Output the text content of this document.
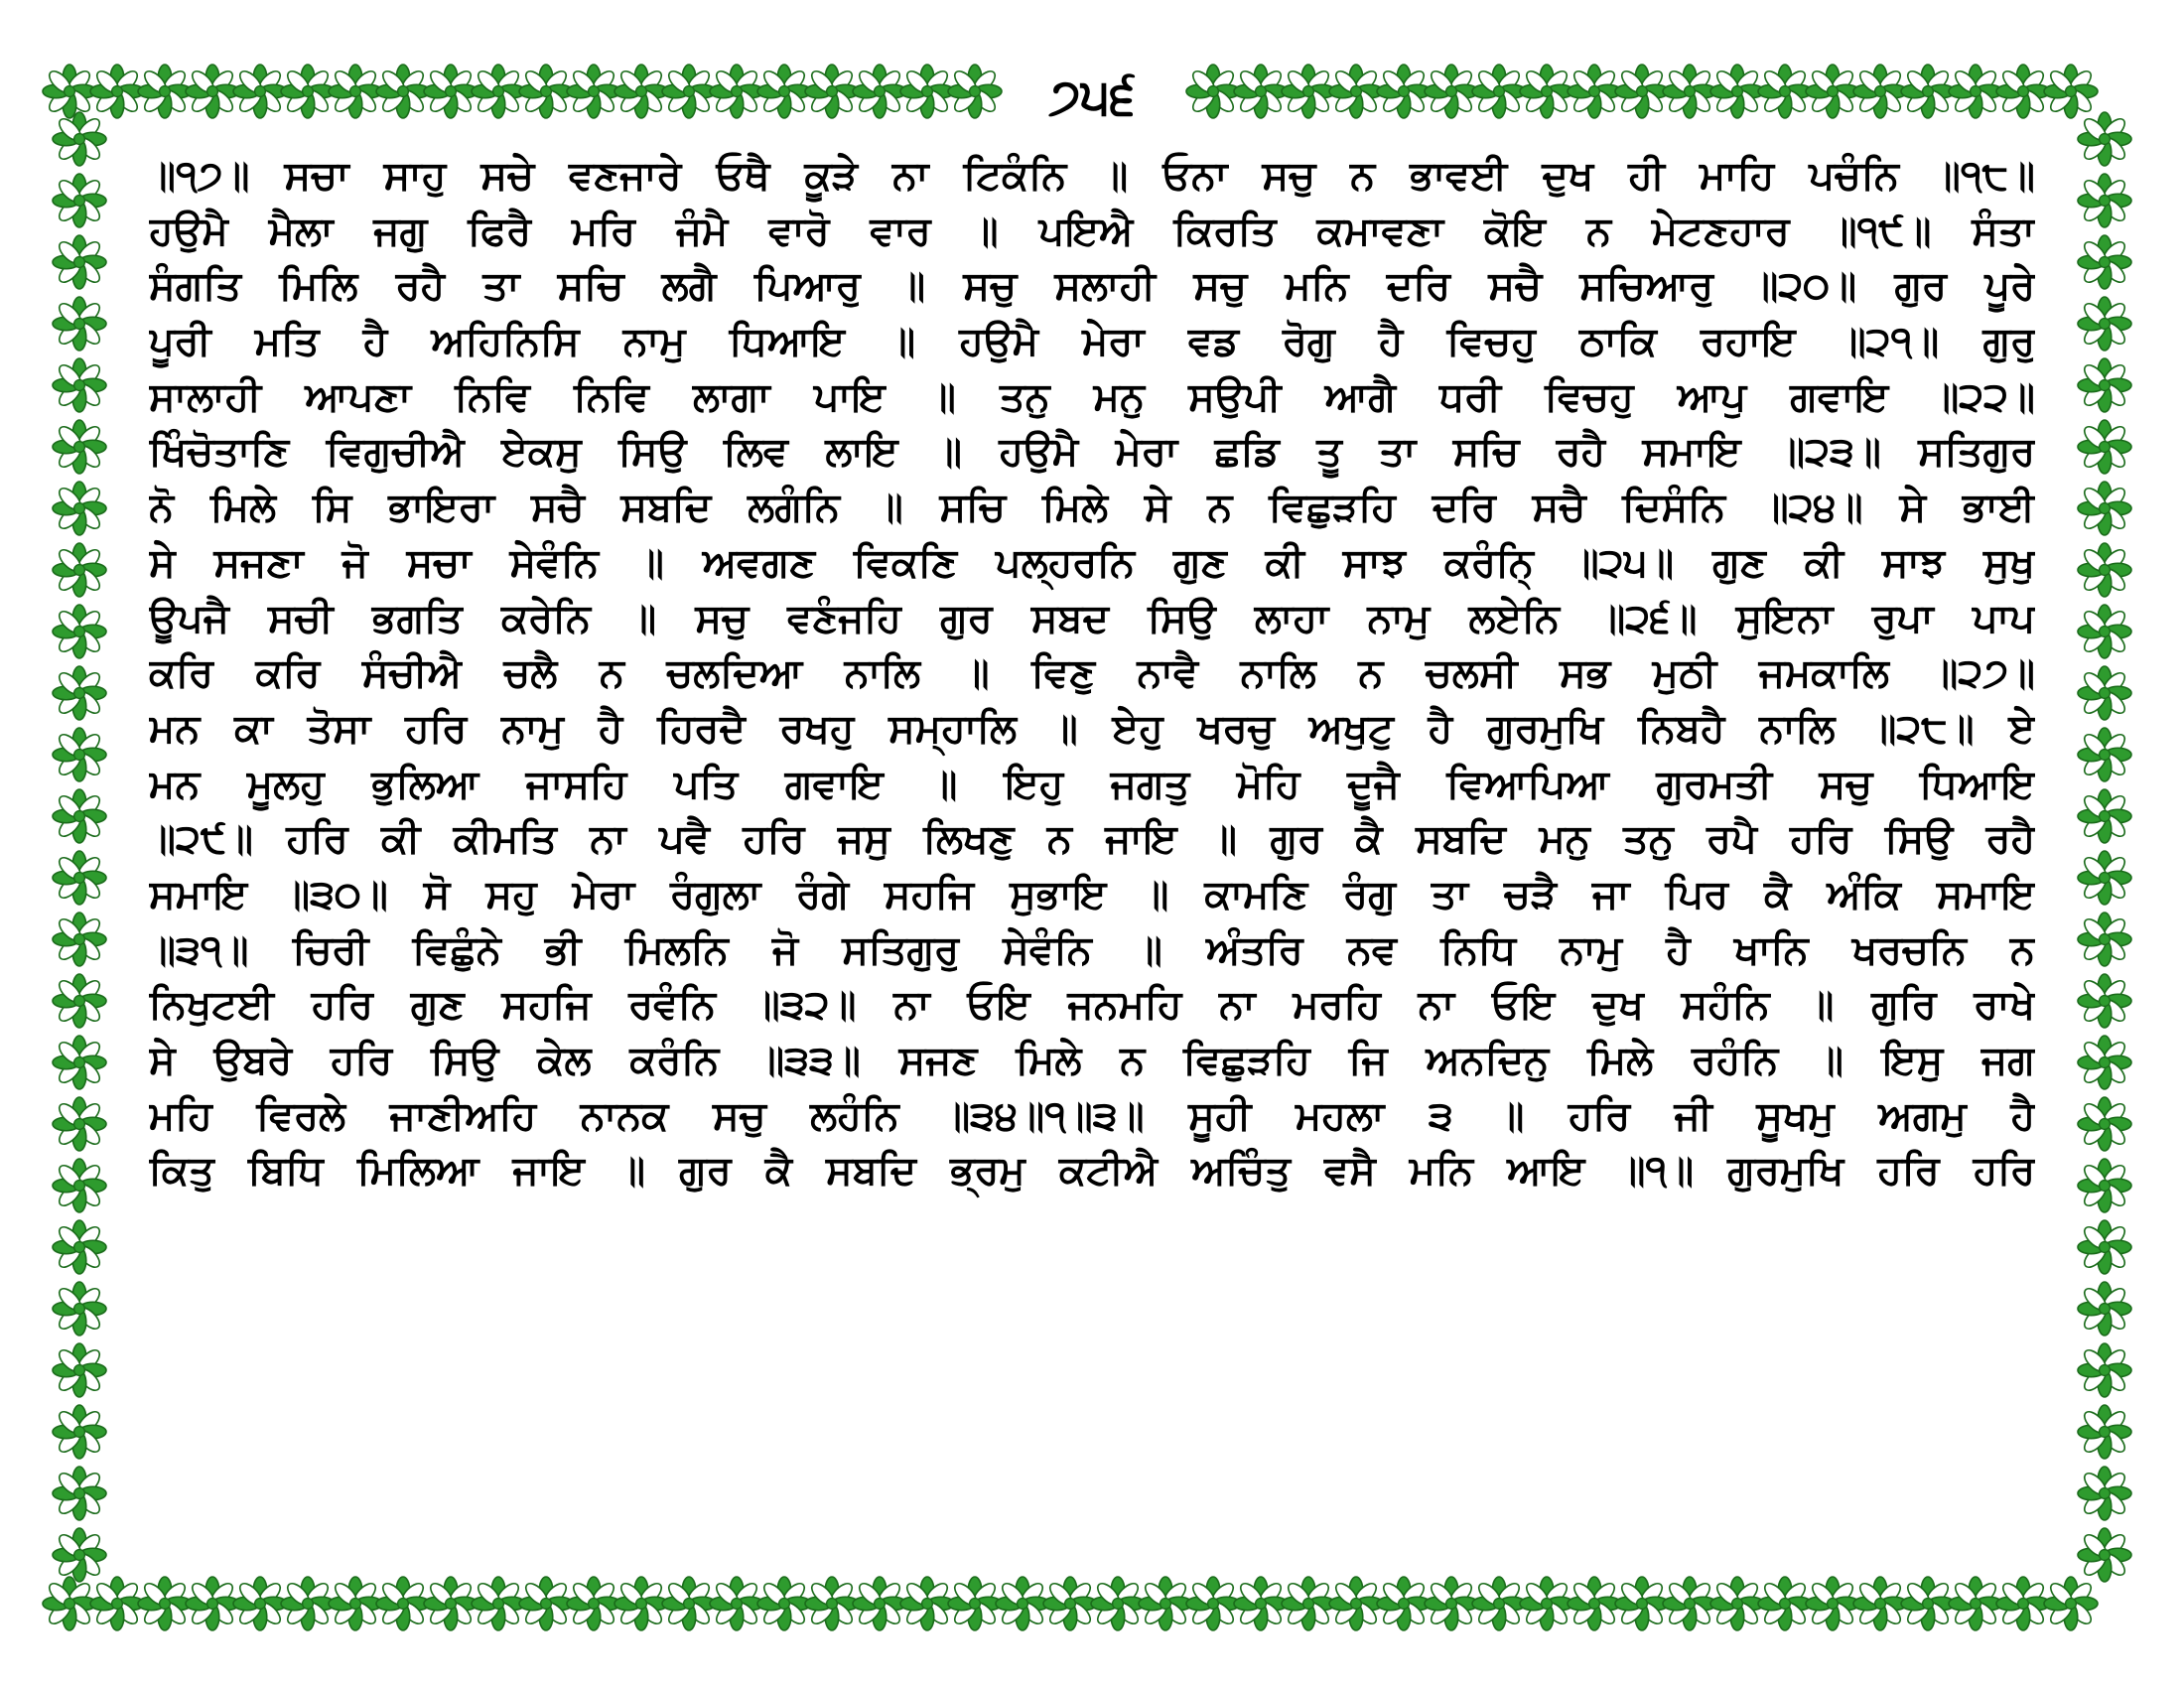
੭੫੬
॥੧੭॥ ਸਚਾ ਸਾਹੁ ਸਚੇ ਵਣਜਾਰੇ ਓਥੈ ਕੂੜੇ ਨਾ ਟਿਕੰਨਿ ॥ ਓਨਾ ਸਚੁ ਨ ਭਾਵਈ ਦੁਖ ਹੀ ਮਾਹਿ ਪਚੰਨਿ ॥੧੮॥
ਹਉਮੈ ਮੈਲਾ ਜਗੁ ਫਿਰੈ ਮਰਿ ਜੰਮੈ ਵਾਰੋ ਵਾਰ ॥ ਪਇਐ ਕਿਰਤਿ ਕਮਾਵਣਾ ਕੋਇ ਨ ਮੇਟਣਹਾਰ ॥੧੯॥ ਸੰਤਾ
ਸੰਗਤਿ ਮਿਲਿ ਰਹੈ ਤਾ ਸਚਿ ਲਗੈ ਪਿਆਰੁ ॥ ਸਚੁ ਸਲਾਹੀ ਸਚੁ ਮਨਿ ਦਰਿ ਸਚੈ ਸਚਿਆਰੁ ॥੨੦॥ ਗੁਰ ਪੂਰੇ
ਪੂਰੀ ਮਤਿ ਹੈ ਅਹਿਨਿਸਿ ਨਾਮੁ ਧਿਆਇ ॥ ਹਉਮੈ ਮੇਰਾ ਵਡ ਰੋਗੁ ਹੈ ਵਿਚਹੁ ਠਾਕਿ ਰਹਾਇ ॥੨੧॥ ਗੁਰੁ
ਸਾਲਾਹੀ ਆਪਣਾ ਨਿਵਿ ਨਿਵਿ ਲਾਗਾ ਪਾਇ ॥ ਤਨੁ ਮਨੁ ਸਉਪੀ ਆਗੈ ਧਰੀ ਵਿਚਹੁ ਆਪੁ ਗਵਾਇ ॥੨੨॥
ਖਿੰਚੋਤਾਣਿ ਵਿਗੁਚੀਐ ਏਕਸੁ ਸਿਉ ਲਿਵ ਲਾਇ ॥ ਹਉਮੈ ਮੇਰਾ ਛਡਿ ਤੂ ਤਾ ਸਚਿ ਰਹੈ ਸਮਾਇ ॥੨੩॥ ਸਤਿਗੁਰ
ਨੋ ਮਿਲੇ ਸਿ ਭਾਇਰਾ ਸਚੈ ਸਬਦਿ ਲਗੰਨਿ ॥ ਸਚਿ ਮਿਲੇ ਸੇ ਨ ਵਿਛੁੜਹਿ ਦਰਿ ਸਚੈ ਦਿਸੰਨਿ ॥੨੪॥ ਸੇ ਭਾਈ
ਸੇ ਸਜਣਾ ਜੋ ਸਚਾ ਸੇਵੰਨਿ ॥ ਅਵਗਣ ਵਿਕਣਿ ਪਲ੍ਹਰਨਿ ਗੁਣ ਕੀ ਸਾਝ ਕਰੰਨਿ੍ ॥੨੫॥ ਗੁਣ ਕੀ ਸਾਝ ਸੁਖੁ
ਊਪਜੈ ਸਚੀ ਭਗਤਿ ਕਰੇਨਿ ॥ ਸਚੁ ਵਣੰਜਹਿ ਗੁਰ ਸਬਦ ਸਿਉ ਲਾਹਾ ਨਾਮੁ ਲਏਨਿ ॥੨੬॥ ਸੁਇਨਾ ਰੁਪਾ ਪਾਪ
ਕਰਿ ਕਰਿ ਸੰਚੀਐ ਚਲੈ ਨ ਚਲਦਿਆ ਨਾਲਿ ॥ ਵਿਣੁ ਨਾਵੈ ਨਾਲਿ ਨ ਚਲਸੀ ਸਭ ਮੁਠੀ ਜਮਕਾਲਿ ॥੨੭॥
ਮਨ ਕਾ ਤੋਸਾ ਹਰਿ ਨਾਮੁ ਹੈ ਹਿਰਦੈ ਰਖਹੁ ਸਮ੍ਹਾਲਿ ॥ ਏਹੁ ਖਰਚੁ ਅਖੁਟੁ ਹੈ ਗੁਰਮੁਖਿ ਨਿਬਹੈ ਨਾਲਿ ॥੨੮॥ ਏ
ਮਨ ਮੂਲਹੁ ਭੁਲਿਆ ਜਾਸਹਿ ਪਤਿ ਗਵਾਇ ॥ ਇਹੁ ਜਗਤੁ ਮੋਹਿ ਦੂਜੈ ਵਿਆਪਿਆ ਗੁਰਮਤੀ ਸਚੁ ਧਿਆਇ
॥੨੯॥ ਹਰਿ ਕੀ ਕੀਮਤਿ ਨਾ ਪਵੈ ਹਰਿ ਜਸੁ ਲਿਖਣੁ ਨ ਜਾਇ ॥ ਗੁਰ ਕੈ ਸਬਦਿ ਮਨੁ ਤਨੁ ਰਪੈ ਹਰਿ ਸਿਉ ਰਹੈ
ਸਮਾਇ ॥੩੦॥ ਸੋ ਸਹੁ ਮੇਰਾ ਰੰਗੁਲਾ ਰੰਗੇ ਸਹਜਿ ਸੁਭਾਇ ॥ ਕਾਮਣਿ ਰੰਗੁ ਤਾ ਚੜੈ ਜਾ ਪਿਰ ਕੈ ਅੰਕਿ ਸਮਾਇ
॥੩੧॥ ਚਿਰੀ ਵਿਛੁੰਨੇ ਭੀ ਮਿਲਨਿ ਜੋ ਸਤਿਗੁਰੁ ਸੇਵੰਨਿ ॥ ਅੰਤਰਿ ਨਵ ਨਿਧਿ ਨਾਮੁ ਹੈ ਖਾਨਿ ਖਰਚਨਿ ਨ
ਨਿਖੁਟਈ ਹਰਿ ਗੁਣ ਸਹਜਿ ਰਵੰਨਿ ॥੩੨॥ ਨਾ ਓਇ ਜਨਮਹਿ ਨਾ ਮਰਹਿ ਨਾ ਓਇ ਦੁਖ ਸਹੰਨਿ ॥ ਗੁਰਿ ਰਾਖੇ
ਸੇ ਉਬਰੇ ਹਰਿ ਸਿਉ ਕੇਲ ਕਰੰਨਿ ॥੩੩॥ ਸਜਣ ਮਿਲੇ ਨ ਵਿਛੁੜਹਿ ਜਿ ਅਨਦਿਨੁ ਮਿਲੇ ਰਹੰਨਿ ॥ ਇਸੁ ਜਗ
ਮਹਿ ਵਿਰਲੇ ਜਾਣੀਅਹਿ ਨਾਨਕ ਸਚੁ ਲਹੰਨਿ ॥੩੪॥੧॥੩॥ ਸੂਹੀ ਮਹਲਾ ੩ ॥ ਹਰਿ ਜੀ ਸੂਖਮੁ ਅਗਮੁ ਹੈ
ਕਿਤੁ ਬਿਧਿ ਮਿਲਿਆ ਜਾਇ ॥ ਗੁਰ ਕੈ ਸਬਦਿ ਭ੍ਰਮੁ ਕਟੀਐ ਅਚਿੰਤੁ ਵਸੈ ਮਨਿ ਆਇ ॥੧॥ ਗੁਰਮੁਖਿ ਹਰਿ ਹਰਿ
